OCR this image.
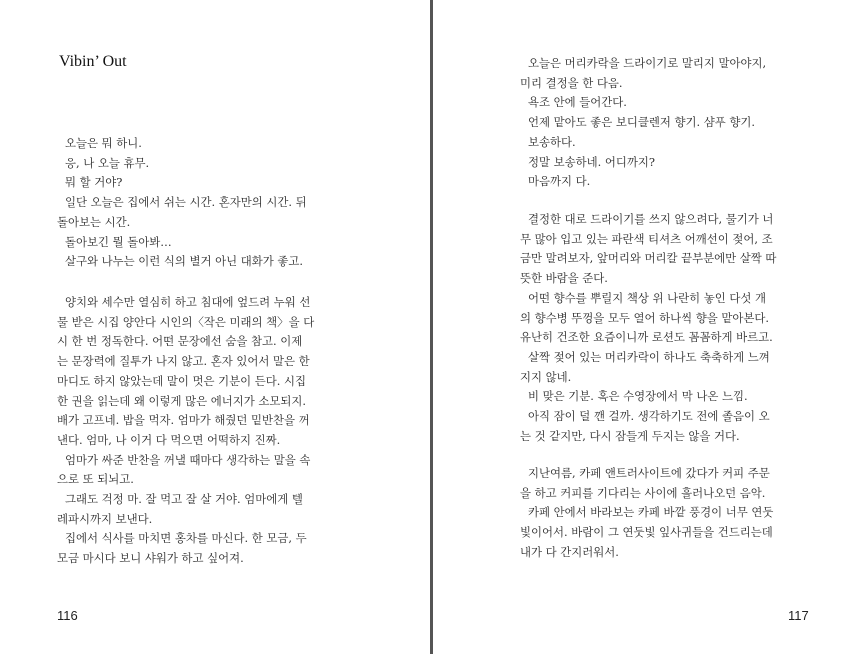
Vibin’ Out

오늘은 뭐 하니.

응, 나 오늘 휴무.

뭐 할 거야?

일단 오늘은 집에서 쉬는 시간. 혼자만의 시간. 뒤
돌아보는 시간.

돌아보긴 뭘 돌아봐…

살구와 나누는 이런 식의 별거 아닌 대화가 좋고.

양치와 세수만 열심히 하고 침대에 엎드려 누워 선
물 받은 시집 양안다 시인의〈작은 미래의 책〉을 다
시 한 번 정독한다. 어떤 문장에선 숨을 참고. 이제
는 문장력에 질투가 나지 않고. 혼자 있어서 말은 한
마디도 하지 않았는데 말이 멋은 기분이 든다. 시집
한 권을 읽는데 왜 이렇게 많은 에너지가 소모되지.
배가 고프네. 밥을 먹자. 엄마가 해줬던 밑반찬을 꺼
낸다. 엄마, 나 이거 다 먹으면 어떡하지 진짜.
엄마가 싸준 반찬을 꺼낼 때마다 생각하는 말을 속
으로 또 되뇌고.
그래도 걱정 마. 잘 먹고 잘 살 거야. 엄마에게 텔
레파시까지 보낸다.
집에서 식사를 마치면 홍차를 마신다. 한 모금, 두
모금 마시다 보니 샤워가 하고 싶어져.
116
오늘은 머리카락을 드라이기로 말리지 말아야지,
미리 결정을 한 다음.

욕조 안에 들어간다.

언제 맡아도 좋은 보디클렌저 향기. 샴푸 향기.

보송하다.

정말 보송하네. 어디까지?

마음까지 다.

결정한 대로 드라이기를 쓰지 않으려다, 물기가 너
무 많아 입고 있는 파란색 티셔츠 어깨선이 젖어, 조
금만 말려보자, 앞머리와 머리칼 끝부분에만 살짝 따
뜻한 바람을 준다.
어떤 향수를 뿌릴지 책상 위 나란히 놓인 다섯 개
의 향수병 뚜껑을 모두 열어 하나씩 향을 맡아본다.
유난히 건조한 요즘이니까 로션도 꼼꼼하게 바르고.
살짝 젖어 있는 머리카락이 하나도 축축하게 느껴
지지 않네.

비 맞은 기분. 혹은 수영장에서 막 나온 느낌.

아직 잠이 덜 깬 걸까. 생각하기도 전에 졸음이 오
는 것 같지만, 다시 잠들게 두지는 않을 거다.
지난여름, 카페 앤트러사이트에 갔다가 커피 주문
을 하고 커피를 기다리는 사이에 흘러나오던 음악.
카페 안에서 바라보는 카페 바깥 풍경이 너무 연둣
빛이어서. 바람이 그 연둣빛 잎사귀들을 건드리는데
내가 다 간지러워서.
117
